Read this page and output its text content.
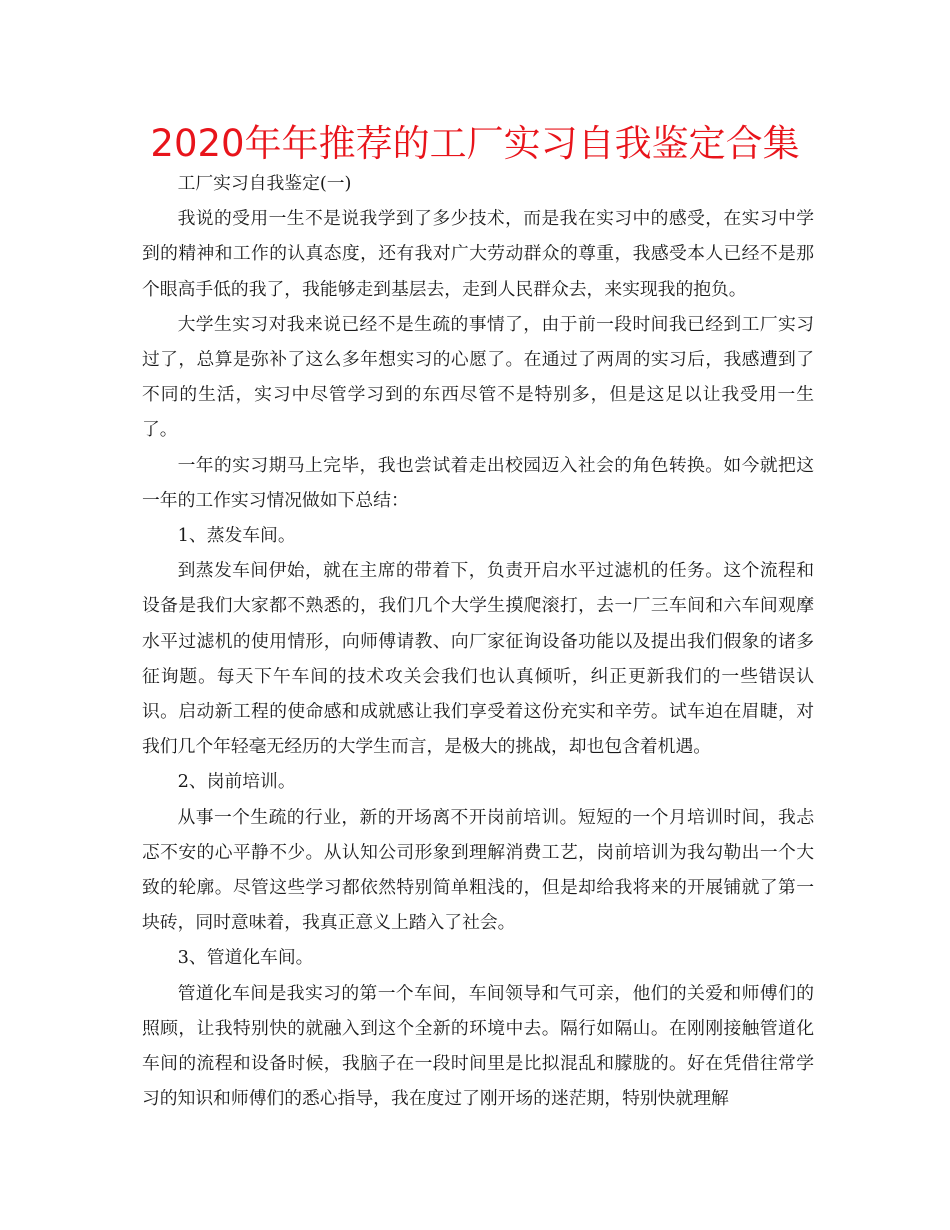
2020年年推荐的工厂实习自我鉴定合集

工厂实习自我鉴定(一)

我说的受用一生不是说我学到了多少技术，而是我在实习中的感受，在实习中学到的精神和工作的认真态度，还有我对广大劳动群众的尊重，我感受本人已经不是那个眼高手低的我了，我能够走到基层去，走到人民群众去，来实现我的抱负。

大学生实习对我来说已经不是生疏的事情了，由于前一段时间我已经到工厂实习过了，总算是弥补了这么多年想实习的心愿了。在通过了两周的实习后，我感遭到了不同的生活，实习中尽管学习到的东西尽管不是特别多，但是这足以让我受用一生了。

一年的实习期马上完毕，我也尝试着走出校园迈入社会的角色转换。如今就把这一年的工作实习情况做如下总结：

1、蒸发车间。

到蒸发车间伊始，就在主席的带着下，负责开启水平过滤机的任务。这个流程和设备是我们大家都不熟悉的，我们几个大学生摸爬滚打，去一厂三车间和六车间观摩水平过滤机的使用情形，向师傅请教、向厂家征询设备功能以及提出我们假象的诸多征询题。每天下午车间的技术攻关会我们也认真倾听，纠正更新我们的一些错误认识。启动新工程的使命感和成就感让我们享受着这份充实和辛劳。试车迫在眉睫，对我们几个年轻毫无经历的大学生而言，是极大的挑战，却也包含着机遇。

2、岗前培训。

从事一个生疏的行业，新的开场离不开岗前培训。短短的一个月培训时间，我忐忑不安的心平静不少。从认知公司形象到理解消费工艺，岗前培训为我勾勒出一个大致的轮廓。尽管这些学习都依然特别简单粗浅的，但是却给我将来的开展铺就了第一块砖，同时意味着，我真正意义上踏入了社会。

3、管道化车间。

管道化车间是我实习的第一个车间，车间领导和气可亲，他们的关爱和师傅们的照顾，让我特别快的就融入到这个全新的环境中去。隔行如隔山。在刚刚接触管道化车间的流程和设备时候，我脑子在一段时间里是比拟混乱和朦胧的。好在凭借往常学习的知识和师傅们的悉心指导，我在度过了刚开场的迷茫期，特别快就理解
